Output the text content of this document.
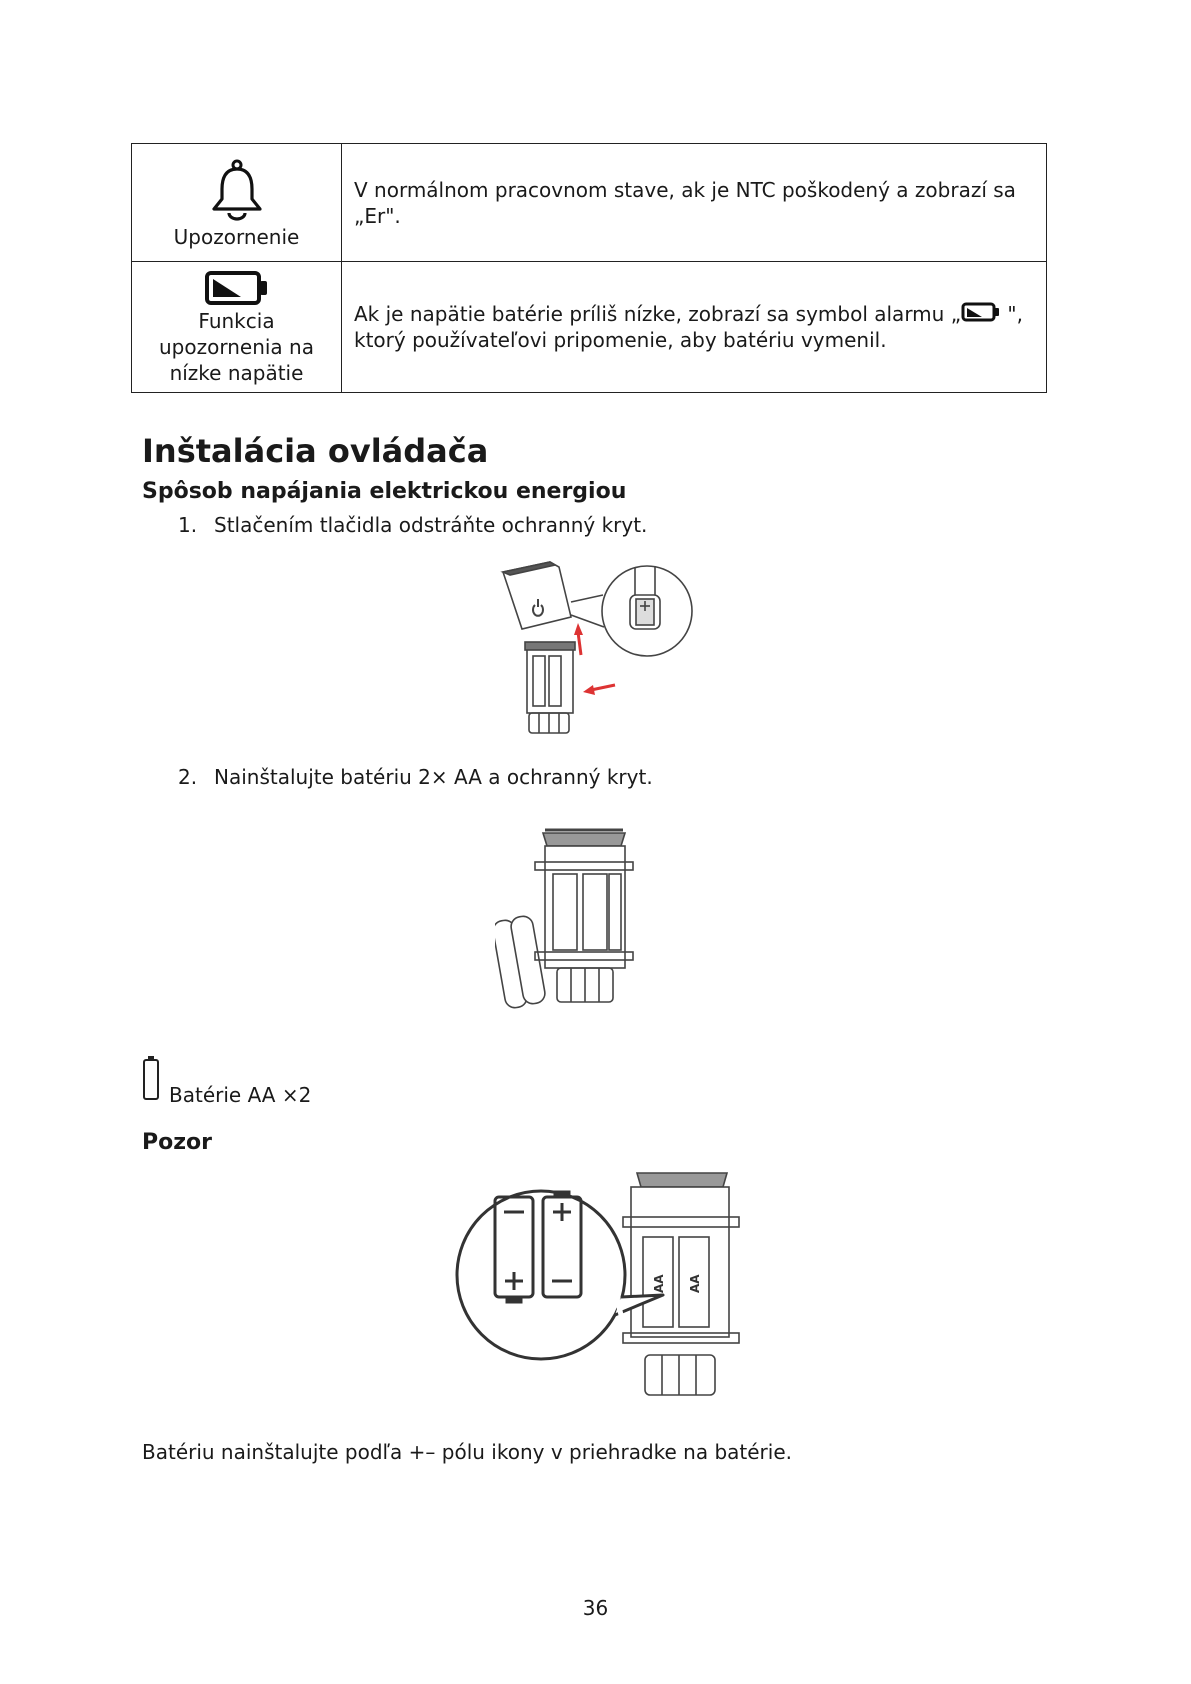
Upozornenie	V normálnom pracovnom stave, ak je NTC poškodený a zobrazí sa „Er".

Funkcia upozornenia na nízke napätie	Ak je napätie batérie príliš nízke, zobrazí sa symbol alarmu „ ", ktorý používateľovi pripomenie, aby batériu vymenil.
Inštalácia ovládača
Spôsob napájania elektrickou energiou
1. Stlačením tlačidla odstráňte ochranný kryt.
2. Nainštalujte batériu 2× AA a ochranný kryt.
Batérie AA ×2
Pozor
AA AA
Batériu nainštalujte podľa +– pólu ikony v priehradke na batérie.
36
